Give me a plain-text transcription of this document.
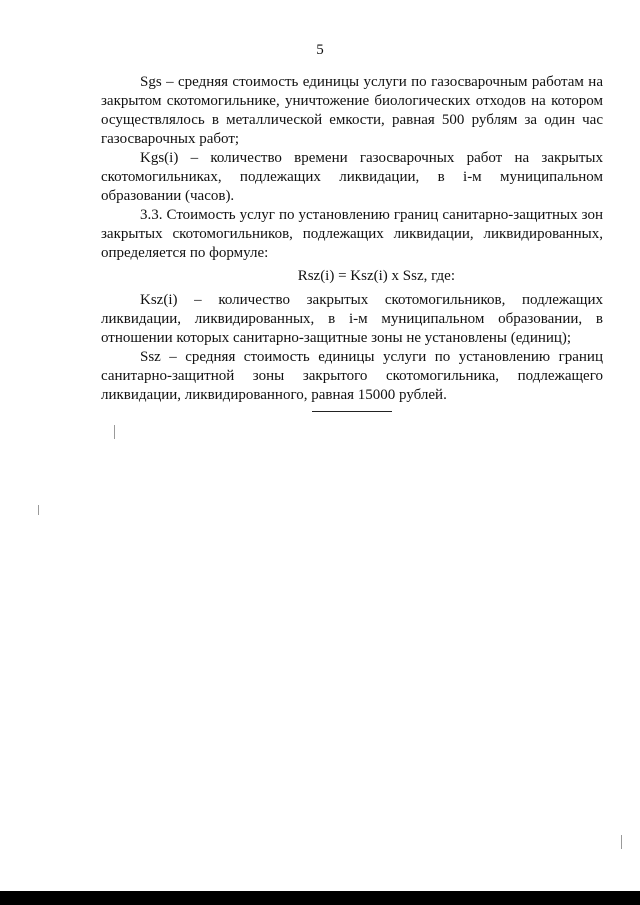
5

Sgs – средняя стоимость единицы услуги по газосварочным работам на закрытом скотомогильнике, уничтожение биологических отходов на котором осуществлялось в металлической емкости, равная 500 рублям за один час газосварочных работ;

Kgs(i) – количество времени газосварочных работ на закрытых скотомогильниках, подлежащих ликвидации, в i-м муниципальном образовании (часов).

3.3. Стоимость услуг по установлению границ санитарно-защитных зон закрытых скотомогильников, подлежащих ликвидации, ликвидированных, определяется по формуле:

Rsz(i) = Ksz(i) x Ssz, где:

Ksz(i) – количество закрытых скотомогильников, подлежащих ликвидации, ликвидированных, в i-м муниципальном образовании, в отношении которых санитарно-защитные зоны не установлены (единиц);

Ssz – средняя стоимость единицы услуги по установлению границ санитарно-защитной зоны закрытого скотомогильника, подлежащего ликвидации, ликвидированного, равная 15000 рублей.
